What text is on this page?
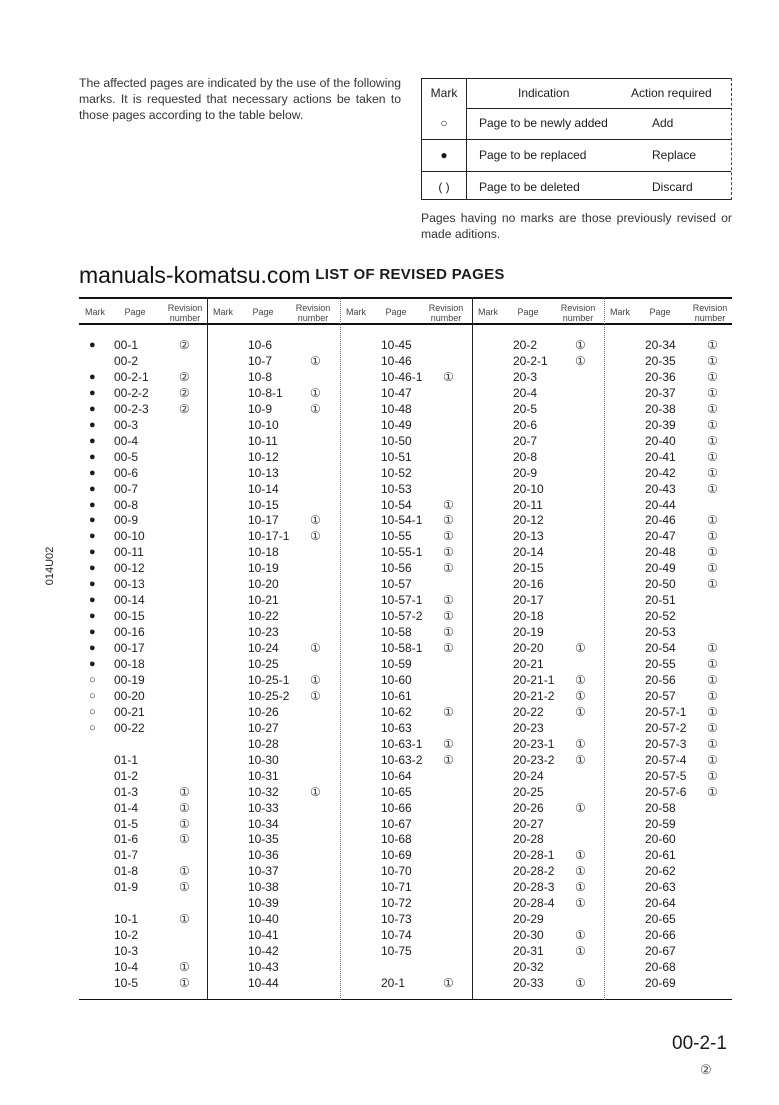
The affected pages are indicated by the use of the following marks. It is requested that necessary actions be taken to those pages according to the table below.
Mark	Indication	Action required
○	Page to be newly added	Add
●	Page to be replaced	Replace
( )	Page to be deleted	Discard
Pages having no marks are those previously revised or made aditions.
manuals-komatsu.com LIST OF REVISED PAGES
Mark	Page	Revision number
● 00-1	②
00-2
● 00-2-1	②
● 00-2-2	②
● 00-2-3	②
● 00-3
● 00-4
● 00-5
● 00-6
● 00-7
● 00-8
● 00-9
● 00-10
● 00-11
● 00-12
● 00-13
● 00-14
● 00-15
● 00-16
● 00-17
● 00-18
○ 00-19
○ 00-20
○ 00-21
○ 00-22
01-1
01-2
01-3	①
01-4	①
01-5	①
01-6	①
01-7
01-8	①
01-9	①
10-1	①
10-2
10-3
10-4	①
10-5	①
Mark	Page	Revision number
10-6
10-7	①
10-8
10-8-1 ①
10-9	①
10-10
10-11
10-12
10-13
10-14
10-15
10-17	①
10-17-1 ①
10-18
10-19
10-20
10-21
10-22
10-23
10-24	①
10-25
10-25-1 ①
10-25-2 ①
10-26
10-27
10-28
10-30
10-31
10-32	①
10-33
10-34
10-35
10-36
10-37
10-38
10-39
10-40
10-41
10-42
10-43
10-44
Mark	Page	Revision number
10-45
10-46
10-46-1 ①
10-47
10-48
10-49
10-50
10-51
10-52
10-53
10-54	①
10-54-1 ①
10-55	①
10-55-1 ①
10-56	①
10-57
10-57-1 ①
10-57-2 ①
10-58	①
10-58-1 ①
10-59
10-60
10-61
10-62	①
10-63
10-63-1 ①
10-63-2 ①
10-64
10-65
10-66
10-67
10-68
10-69
10-70
10-71
10-72
10-73
10-74
10-75
20-1	①
Mark	Page	Revision number
20-2	①
20-2-1 ①
20-3
20-4
20-5
20-6
20-7
20-8
20-9
20-10
20-11
20-12
20-13
20-14
20-15
20-16
20-17
20-18
20-19
20-20	①
20-21
20-21-1 ①
20-21-2 ①
20-22	①
20-23
20-23-1 ①
20-23-2 ①
20-24
20-25
20-26	①
20-27
20-28
20-28-1 ①
20-28-2 ①
20-28-3 ①
20-28-4 ①
20-29
20-30	①
20-31	①
20-32
20-33	①
Mark	Page	Revision number
20-34	①
20-35	①
20-36	①
20-37	①
20-38	①
20-39	①
20-40	①
20-41	①
20-42	①
20-43	①
20-44
20-46	①
20-47	①
20-48	①
20-49	①
20-50	①
20-51
20-52
20-53
20-54	①
20-55	①
20-56	①
20-57	①
20-57-1 ①
20-57-2 ①
20-57-3 ①
20-57-4 ①
20-57-5 ①
20-57-6 ①
20-58
20-59
20-60
20-61
20-62
20-63
20-64
20-65
20-66
20-67
20-68
20-69
014U02
00-2-1
②
